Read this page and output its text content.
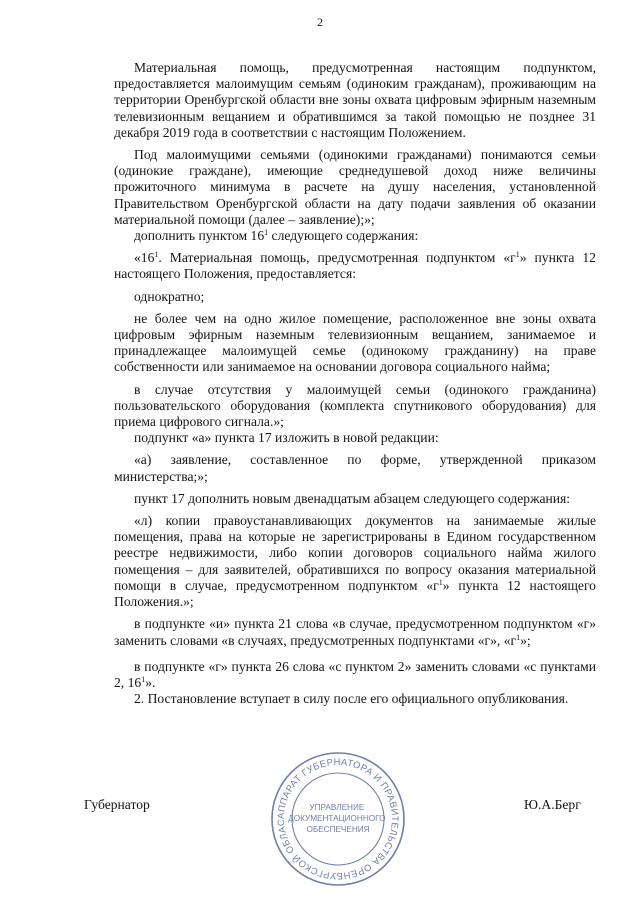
2

Материальная помощь, предусмотренная настоящим подпунктом, предоставляется малоимущим семьям (одиноким гражданам), проживающим на территории Оренбургской области вне зоны охвата цифровым эфирным наземным телевизионным вещанием и обратившимся за такой помощью не позднее 31 декабря 2019 года в соответствии с настоящим Положением.

Под малоимущими семьями (одинокими гражданами) понимаются семьи (одинокие граждане), имеющие среднедушевой доход ниже величины прожиточного минимума в расчете на душу населения, установленной Правительством Оренбургской области на дату подачи заявления об оказании материальной помощи (далее – заявление);»;

дополнить пунктом $16^1$ следующего содержания:

«$16^1$. Материальная помощь, предусмотренная подпунктом «$г^1$» пункта 12 настоящего Положения, предоставляется:

однократно;

не более чем на одно жилое помещение, расположенное вне зоны охвата цифровым эфирным наземным телевизионным вещанием, занимаемое и принадлежащее малоимущей семье (одинокому гражданину) на праве собственности или занимаемое на основании договора социального найма;

в случае отсутствия у малоимущей семьи (одинокого гражданина) пользовательского оборудования (комплекта спутникового оборудования) для приема цифрового сигнала.»;

подпункт «а» пункта 17 изложить в новой редакции:

«а) заявление, составленное по форме, утвержденной приказом министерства;»;

пункт 17 дополнить новым двенадцатым абзацем следующего содержания:

«л) копии правоустанавливающих документов на занимаемые жилые помещения, права на которые не зарегистрированы в Едином государственном реестре недвижимости, либо копии договоров социального найма жилого помещения – для заявителей, обратившихся по вопросу оказания материальной помощи в случае, предусмотренном подпунктом «$г^1$» пункта 12 настоящего Положения.»;

в подпункте «и» пункта 21 слова «в случае, предусмотренном подпунктом «г» заменить словами «в случаях, предусмотренных подпунктами «г», «$г^1$»;

в подпункте «г» пункта 26 слова «с пунктом 2» заменить словами «с пунктами 2, $16^1$».

2. Постановление вступает в силу после его официального опубликования.

Губернатор	Ю.А.Берг
АППАРАТ ГУБЕРНАТОРА И ПРАВИТЕЛЬСТВА ОРЕНБУРГСКОЙ ОБЛАС
УПРАВЛЕНИЕ ДОКУМЕНТАЦИОННОГО ОБЕСПЕЧЕНИЯ
